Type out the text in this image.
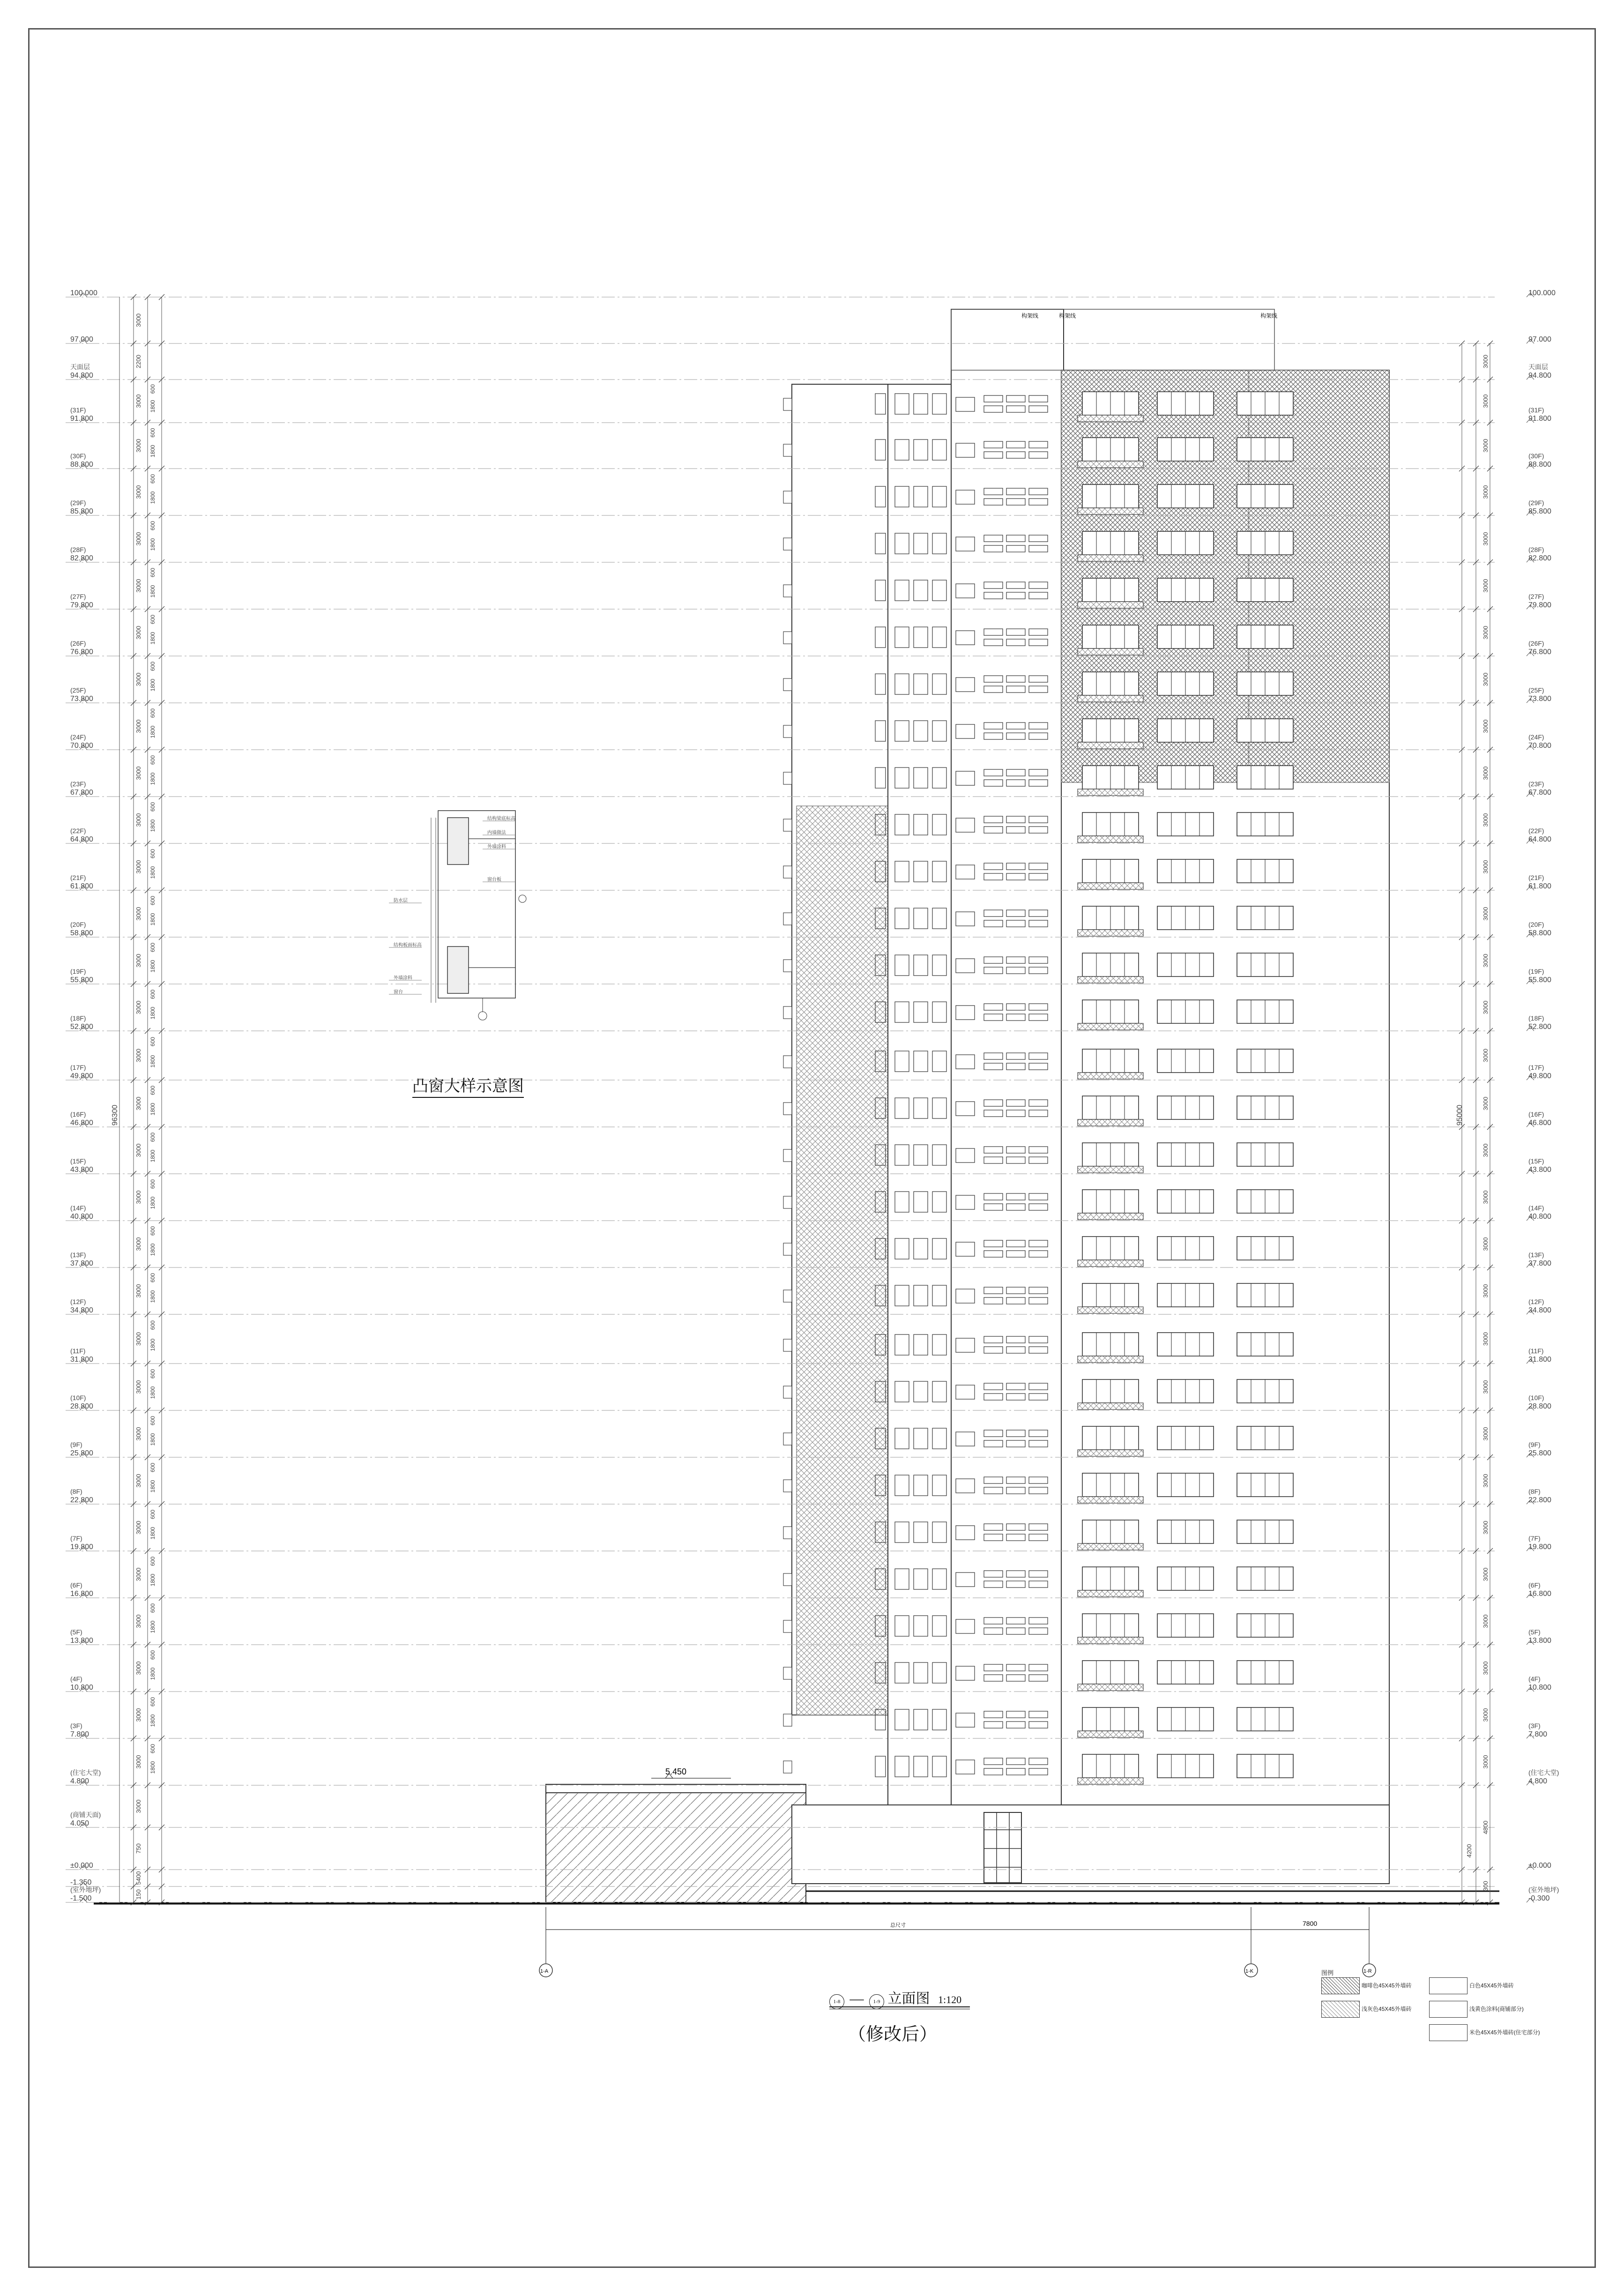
100.000
97.000
94.800
天面层
91.800
(31F)
88.800
(30F)
85.800
(29F)
82.800
(28F)
79.800
(27F)
76.800
(26F)
73.800
(25F)
70.800
(24F)
67.800
(23F)
64.800
(22F)
61.800
(21F)
58.800
(20F)
55.800
(19F)
52.800
(18F)
49.800
(17F)
46.800
(16F)
43.800
(15F)
40.800
(14F)
37.800
(13F)
34.800
(12F)
31.800
(11F)
28.800
(10F)
25.800
(9F)
22.800
(8F)
19.800
(7F)
16.800
(6F)
13.800
(5F)
10.800
(4F)
7.800
(3F)
4.800
(住宅大堂)
4.050
(商铺天面)
±0.000
-1.350
-1.500
(室外地坪)
100.000
97.000
94.800
天面层
91.800
(31F)
88.800
(30F)
85.800
(29F)
82.800
(28F)
79.800
(27F)
76.800
(26F)
73.800
(25F)
70.800
(24F)
67.800
(23F)
64.800
(22F)
61.800
(21F)
58.800
(20F)
55.800
(19F)
52.800
(18F)
49.800
(17F)
46.800
(16F)
43.800
(15F)
40.800
(14F)
37.800
(13F)
34.800
(12F)
31.800
(11F)
28.800
(10F)
25.800
(9F)
22.800
(8F)
19.800
(7F)
16.800
(6F)
13.800
(5F)
10.800
(4F)
7.800
(3F)
4.800
(住宅大堂)
±0.000
-0.300
(室外地坪)
3000
2200
3000
600
1800
3000
600
1800
3000
600
1800
3000
600
1800
3000
600
1800
3000
600
1800
3000
600
1800
3000
600
1800
3000
600
1800
3000
600
1800
3000
600
1800
3000
600
1800
3000
600
1800
3000
600
1800
3000
600
1800
3000
600
1800
3000
600
1800
3000
600
1800
3000
600
1800
3000
600
1800
3000
600
1800
3000
600
1800
3000
600
1800
3000
600
1800
3000
600
1800
3000
600
1800
3000
600
1800
3000
600
1800
3000
600
1800
3000
600
1800
3000
750
5400
150
96300
3000
3000
3000
3000
3000
3000
3000
3000
3000
3000
3000
3000
3000
3000
3000
3000
3000
3000
3000
3000
3000
3000
3000
3000
3000
3000
3000
3000
3000
3000
3000
4800
300
4200
95000
构架线	构架线	构架线
5.450
1-A	1-K	1-R
7800
总尺寸
结构梁底标高
内墙做法
外墙涂料
窗台板
防水层
结构板面标高
外墙涂料
窗台
凸窗大样示意图
1-8 — 1-9 立面图 1:120
（修改后）
图例
咖啡色45X45外墙砖
浅灰色45X45外墙砖
白色45X45外墙砖
浅黄色涂料(商铺部分)
米色45X45外墙砖(住宅部分)
